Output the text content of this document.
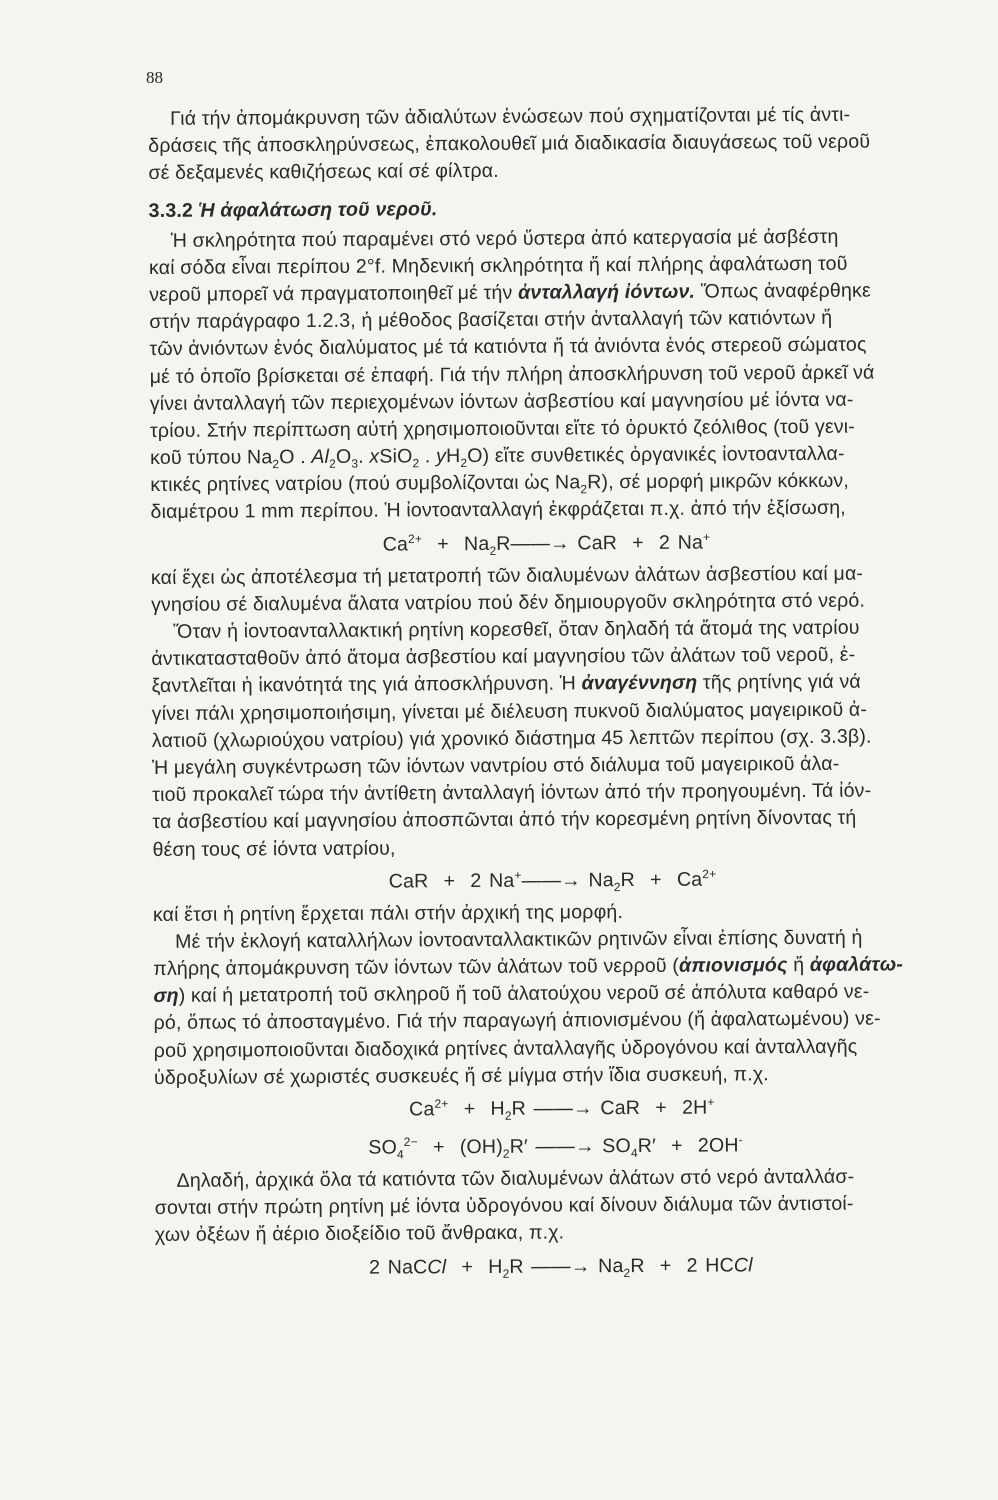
88
Γιά τήν ἀπομάκρυνση τῶν ἀδιαλύτων ἑνώσεων πού σχηματίζονται μέ τίς ἀντι-
δράσεις τῆς ἀποσκληρύνσεως, ἐπακολουθεῖ μιά διαδικασία διαυγάσεως τοῦ νεροῦ
σέ δεξαμενές καθιζήσεως καί σέ φίλτρα.
3.3.2 Ἡ ἀφαλάτωση τοῦ νεροῦ.
Ἡ σκληρότητα πού παραμένει στό νερό ὕστερα ἀπό κατεργασία μέ ἀσβέστη
καί σόδα εἶναι περίπου 2°f. Μηδενική σκληρότητα ἤ καί πλήρης ἀφαλάτωση τοῦ
νεροῦ μπορεῖ νά πραγματοποιηθεῖ μέ τήν ἀνταλλαγή ἰόντων. Ὅπως ἀναφέρθηκε
στήν παράγραφο 1.2.3, ἡ μέθοδος βασίζεται στήν ἀνταλλαγή τῶν κατιόντων ἤ
τῶν ἀνιόντων ἑνός διαλύματος μέ τά κατιόντα ἤ τά ἀνιόντα ἑνός στερεοῦ σώματος
μέ τό ὁποῖο βρίσκεται σέ ἐπαφή. Γιά τήν πλήρη ἀποσκλήρυνση τοῦ νεροῦ ἀρκεῖ νά
γίνει ἀνταλλαγή τῶν περιεχομένων ἰόντων ἀσβεστίου καί μαγνησίου μέ ἰόντα να-
τρίου. Στήν περίπτωση αὐτή χρησιμοποιοῦνται εἴτε τό ὀρυκτό ζεόλιθος (τοῦ γενι-
κοῦ τύπου $Na_2O$ . $Al_2O_3$. xSiO$_2$ . $yH_2O$) εἴτε συνθετικές ὀργανικές ἰοντοανταλλα-
κτικές ρητίνες νατρίου (πού συμβολίζονται ὡς $Na_2R$), σέ μορφή μικρῶν κόκκων,
διαμέτρου 1 mm περίπου. Ἡ ἰοντοανταλλαγή ἐκφράζεται π.χ. ἀπό τήν ἐξίσωση,
$Ca^{2+}$ + $Na_2R——\to$ CaR + 2 Na+
καί ἔχει ὡς ἀποτέλεσμα τή μετατροπή τῶν διαλυμένων ἀλάτων ἀσβεστίου καί μα-
γνησίου σέ διαλυμένα ἄλατα νατρίου πού δέν δημιουργοῦν σκληρότητα στό νερό.
Ὅταν ἡ ἰοντοανταλλακτική ρητίνη κορεσθεῖ, ὅταν δηλαδή τά ἄτομά της νατρίου
ἀντικατασταθοῦν ἀπό ἄτομα ἀσβεστίου καί μαγνησίου τῶν ἀλάτων τοῦ νεροῦ, ἐ-
ξαντλεῖται ἡ ἱκανότητά της γιά ἀποσκλήρυνση. Ἡ ἀναγέννηση τῆς ρητίνης γιά νά
γίνει πάλι χρησιμοποιήσιμη, γίνεται μέ διέλευση πυκνοῦ διαλύματος μαγειρικοῦ ἀ-
λατιοῦ (χλωριούχου νατρίου) γιά χρονικό διάστημα 45 λεπτῶν περίπου (σχ. 3.3β).
Ἡ μεγάλη συγκέντρωση τῶν ἰόντων ναντρίου στό διάλυμα τοῦ μαγειρικοῦ ἀλα-
τιοῦ προκαλεῖ τώρα τήν ἀντίθετη ἀνταλλαγή ἰόντων ἀπό τήν προηγουμένη. Τά ἰόν-
τα ἀσβεστίου καί μαγνησίου ἀποσπῶνται ἀπό τήν κορεσμένη ρητίνη δίνοντας τή
θέση τους σέ ἰόντα νατρίου,
CaR + 2 Na+——→ $Na_2R + Ca^{2+}$
καί ἔτσι ἡ ρητίνη ἔρχεται πάλι στήν ἀρχική της μορφή.
Μέ τήν ἐκλογή καταλλήλων ἰοντοανταλλακτικῶν ρητινῶν εἶναι ἐπίσης δυνατή ἡ
πλήρης ἀπομάκρυνση τῶν ἰόντων τῶν ἀλάτων τοῦ νερροῦ (ἀπιονισμός ἤ ἀφαλάτω-
ση) καί ἡ μετατροπή τοῦ σκληροῦ ἤ τοῦ ἁλατούχου νεροῦ σέ ἀπόλυτα καθαρό νε-
ρό, ὅπως τό ἀποσταγμένο. Γιά τήν παραγωγή ἀπιονισμένου (ἤ ἀφαλατωμένου) νε-
ροῦ χρησιμοποιοῦνται διαδοχικά ρητίνες ἀνταλλαγῆς ὑδρογόνου καί ἀνταλλαγῆς
ὑδροξυλίων σέ χωριστές συσκευές ἤ σέ μίγμα στήν ἴδια συσκευή, π.χ.
$Ca^{2+} + H_2R$ ——→ CaR + 2H+
$SO_4^{2-} + (OH)_2R'$ ——→ $SO_4R' + 2OH^-$
Δηλαδή, ἀρχικά ὅλα τά κατιόντα τῶν διαλυμένων ἀλάτων στό νερό ἀνταλλάσ-
σονται στήν πρώτη ρητίνη μέ ἰόντα ὑδρογόνου καί δίνουν διάλυμα τῶν ἀντιστοί-
χων ὀξέων ἤ ἀέριο διοξείδιο τοῦ ἄνθρακα, π.χ.
2 NaCCl + $H_2R$ ——→ $Na_2R + 2$ HCCl
